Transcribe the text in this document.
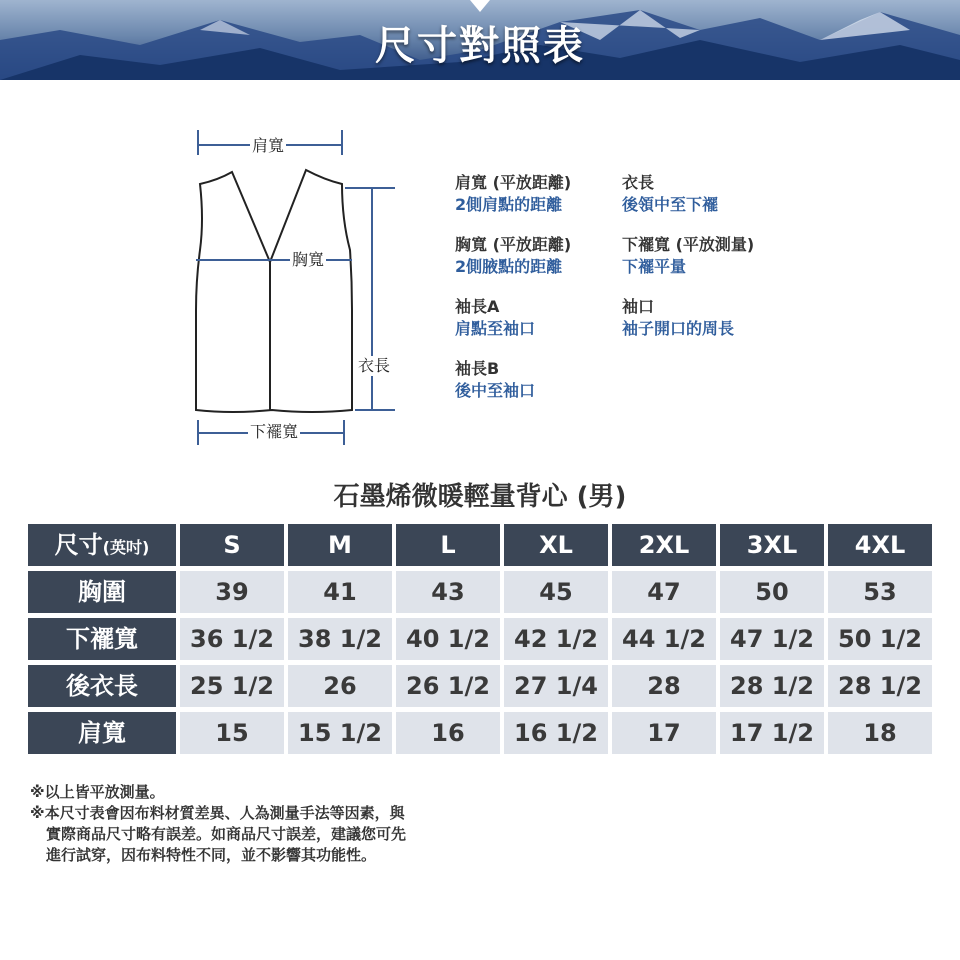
尺寸對照表
肩寬
胸寬
衣長
下襬寬
肩寬 (平放距離)
2側肩點的距離
衣長
後領中至下襬
胸寬 (平放距離)
2側腋點的距離
下襬寬 (平放測量)
下襬平量
袖長A
肩點至袖口
袖口
袖子開口的周長
袖長B
後中至袖口
石墨烯微暖輕量背心 (男)
尺寸(英吋)	S	M	L	XL	2XL	3XL	4XL
胸圍	39	41	43	45	47	50	53
下襬寬	36 1/2	38 1/2	40 1/2	42 1/2	44 1/2	47 1/2	50 1/2
後衣長	25 1/2	26	26 1/2	27 1/4	28	28 1/2	28 1/2
肩寬	15	15 1/2	16	16 1/2	17	17 1/2	18
※以上皆平放測量。
※本尺寸表會因布料材質差異、人為測量手法等因素，與
實際商品尺寸略有誤差。如商品尺寸誤差，建議您可先
進行試穿，因布料特性不同，並不影響其功能性。
